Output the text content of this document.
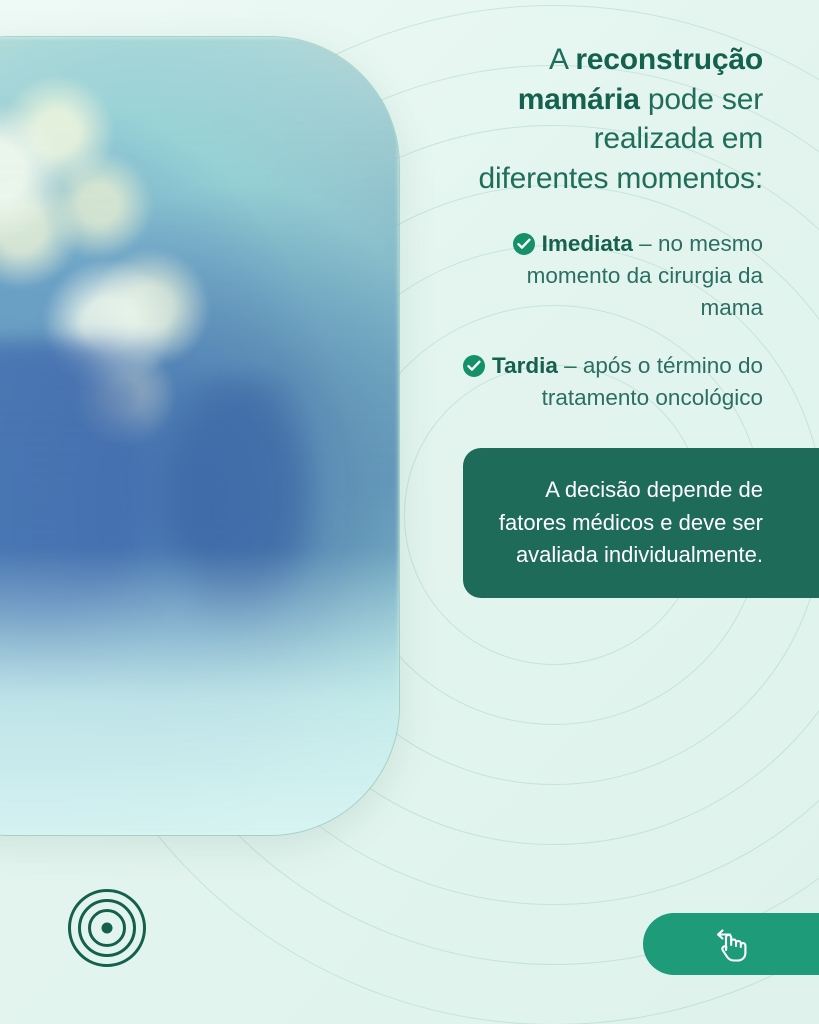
A reconstrução mamária pode ser realizada em diferentes momentos:
Imediata – no mesmo momento da cirurgia da mama
Tardia – após o término do tratamento oncológico
A decisão depende de fatores médicos e deve ser avaliada individualmente.
